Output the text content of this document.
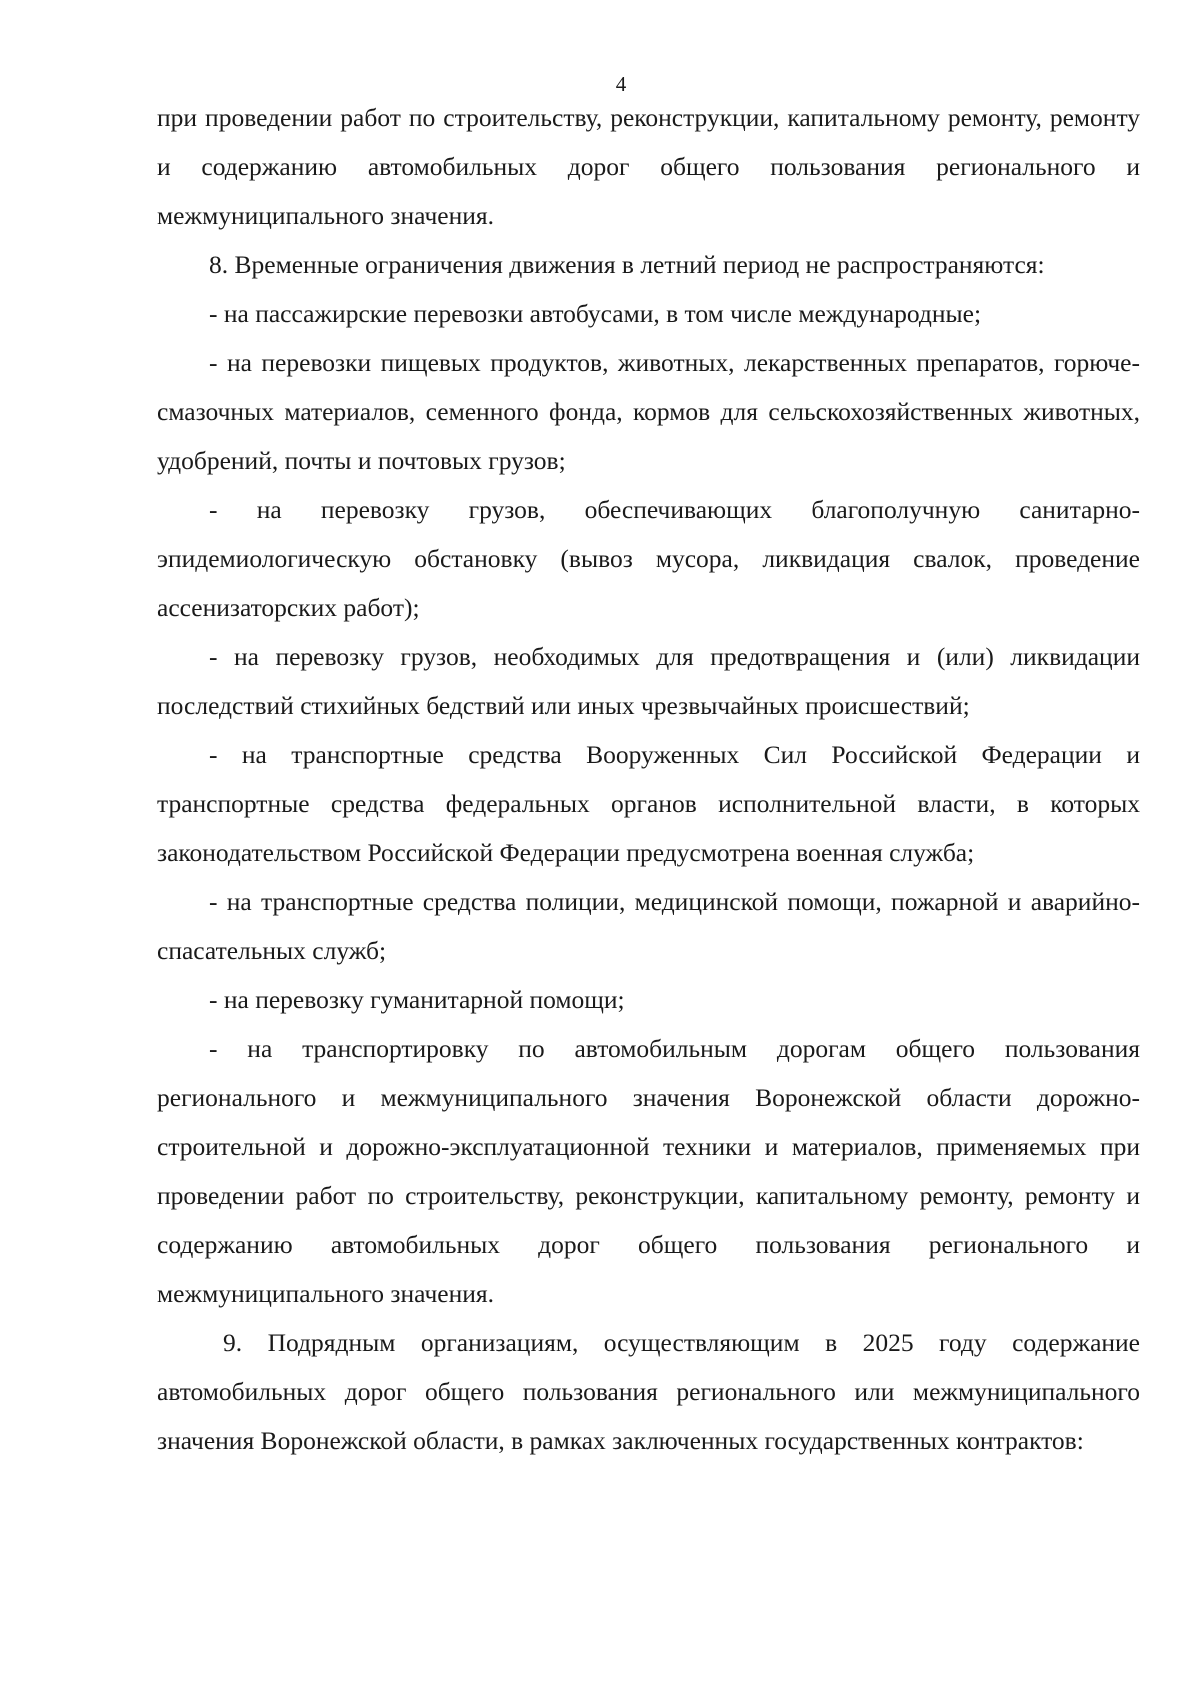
4

при проведении работ по строительству, реконструкции, капитальному ремонту, ремонту и содержанию автомобильных дорог общего пользования регионального и межмуниципального значения.

8. Временные ограничения движения в летний период не распространяются:

- на пассажирские перевозки автобусами, в том числе международные;

- на перевозки пищевых продуктов, животных, лекарственных препаратов, горюче-смазочных материалов, семенного фонда, кормов для сельскохозяйственных животных, удобрений, почты и почтовых грузов;

- на перевозку грузов, обеспечивающих благополучную санитарно-эпидемиологическую обстановку (вывоз мусора, ликвидация свалок, проведение ассенизаторских работ);

- на перевозку грузов, необходимых для предотвращения и (или) ликвидации последствий стихийных бедствий или иных чрезвычайных происшествий;

- на транспортные средства Вооруженных Сил Российской Федерации и транспортные средства федеральных органов исполнительной власти, в которых законодательством Российской Федерации предусмотрена военная служба;

- на транспортные средства полиции, медицинской помощи, пожарной и аварийно-спасательных служб;

- на перевозку гуманитарной помощи;

- на транспортировку по автомобильным дорогам общего пользования регионального и межмуниципального значения Воронежской области дорожно-строительной и дорожно-эксплуатационной техники и материалов, применяемых при проведении работ по строительству, реконструкции, капитальному ремонту, ремонту и содержанию автомобильных дорог общего пользования регионального и межмуниципального значения.

9. Подрядным организациям, осуществляющим в 2025 году содержание автомобильных дорог общего пользования регионального или межмуниципального значения Воронежской области, в рамках заключенных государственных контрактов:
